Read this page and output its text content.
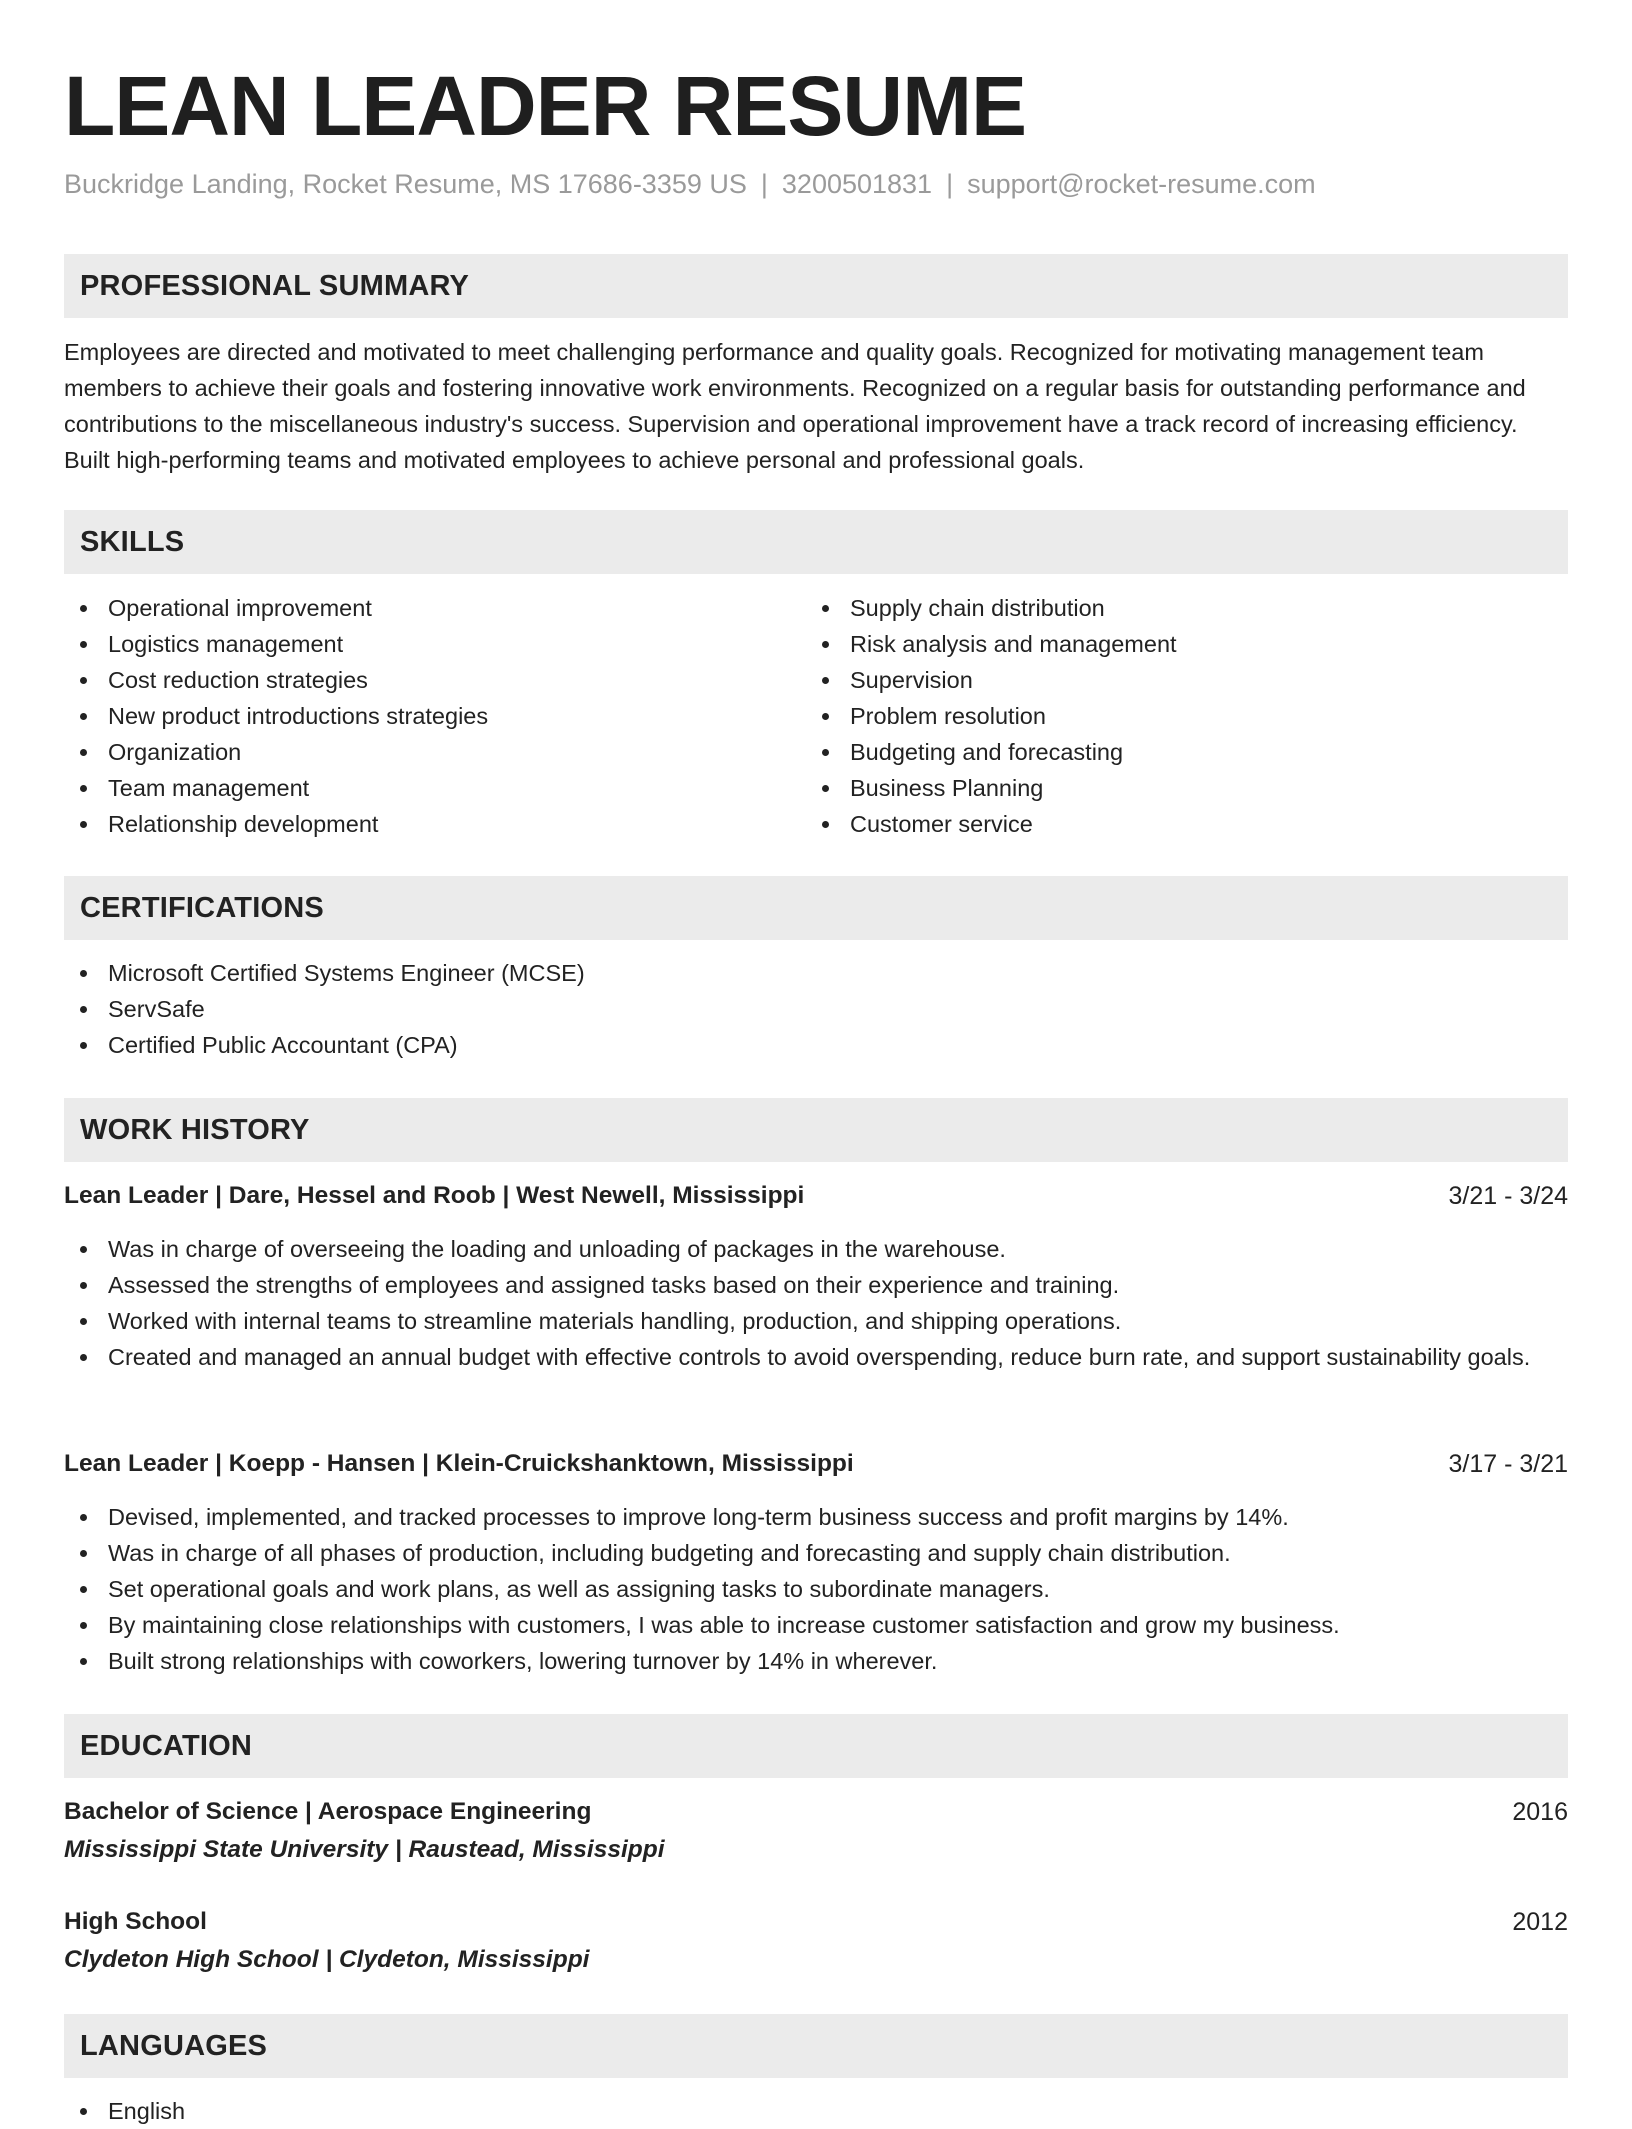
LEAN LEADER RESUME
Buckridge Landing, Rocket Resume, MS 17686-3359 US | 3200501831 | support@rocket-resume.com
PROFESSIONAL SUMMARY
Employees are directed and motivated to meet challenging performance and quality goals. Recognized for motivating management team members to achieve their goals and fostering innovative work environments. Recognized on a regular basis for outstanding performance and contributions to the miscellaneous industry's success. Supervision and operational improvement have a track record of increasing efficiency. Built high-performing teams and motivated employees to achieve personal and professional goals.
SKILLS
Operational improvement
Logistics management
Cost reduction strategies
New product introductions strategies
Organization
Team management
Relationship development
Supply chain distribution
Risk analysis and management
Supervision
Problem resolution
Budgeting and forecasting
Business Planning
Customer service
CERTIFICATIONS
Microsoft Certified Systems Engineer (MCSE)
ServSafe
Certified Public Accountant (CPA)
WORK HISTORY
Lean Leader | Dare, Hessel and Roob | West Newell, Mississippi	3/21 - 3/24
Was in charge of overseeing the loading and unloading of packages in the warehouse.
Assessed the strengths of employees and assigned tasks based on their experience and training.
Worked with internal teams to streamline materials handling, production, and shipping operations.
Created and managed an annual budget with effective controls to avoid overspending, reduce burn rate, and support sustainability goals.
Lean Leader | Koepp - Hansen | Klein-Cruickshanktown, Mississippi	3/17 - 3/21
Devised, implemented, and tracked processes to improve long-term business success and profit margins by 14%.
Was in charge of all phases of production, including budgeting and forecasting and supply chain distribution.
Set operational goals and work plans, as well as assigning tasks to subordinate managers.
By maintaining close relationships with customers, I was able to increase customer satisfaction and grow my business.
Built strong relationships with coworkers, lowering turnover by 14% in wherever.
EDUCATION
Bachelor of Science | Aerospace Engineering	2016
Mississippi State University | Raustead, Mississippi
High School	2012
Clydeton High School | Clydeton, Mississippi
LANGUAGES
English
